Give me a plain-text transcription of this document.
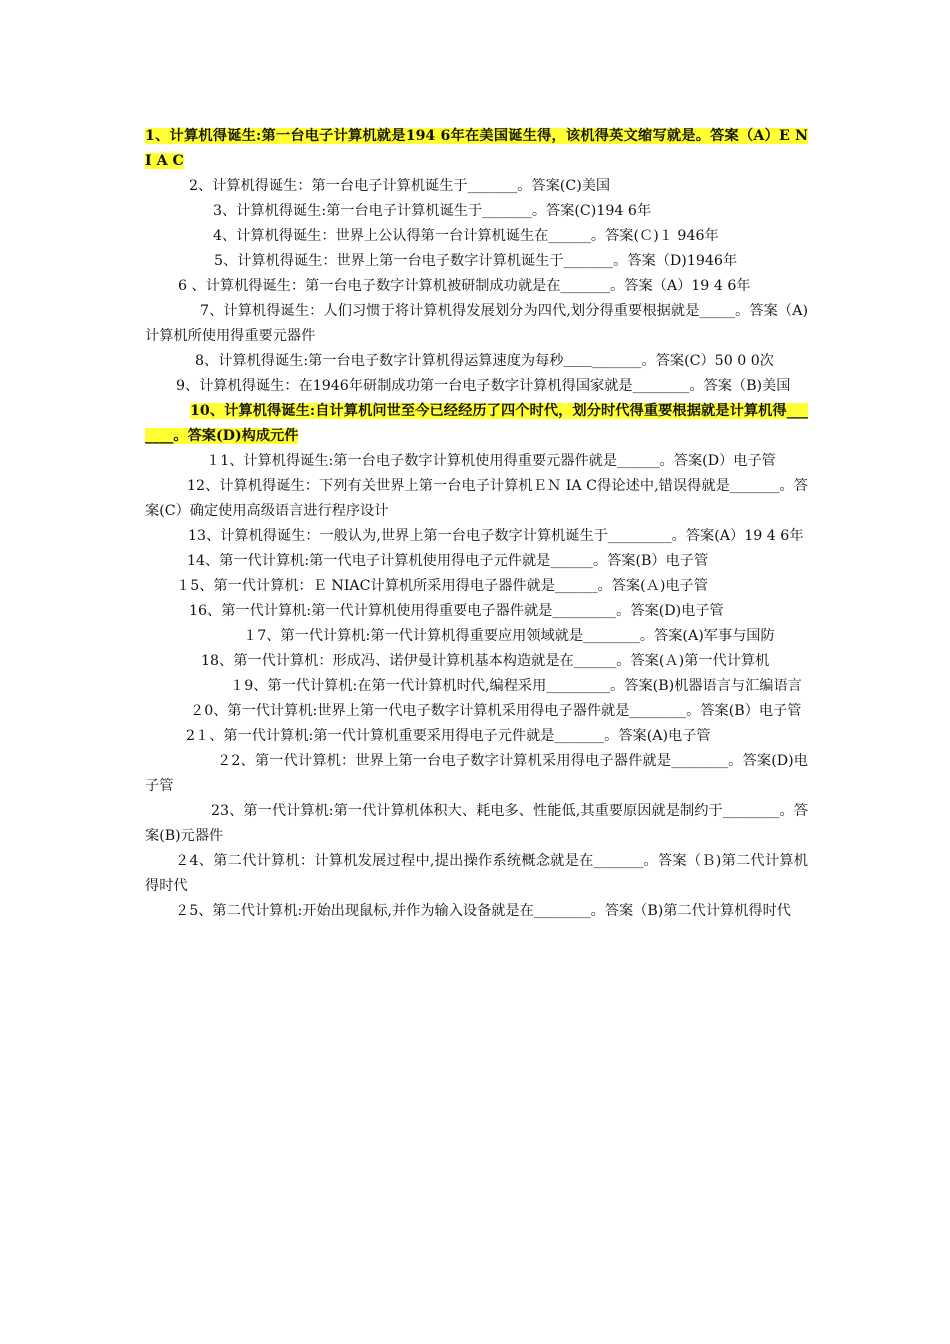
1、计算机得诞生:第一台电子计算机就是194 6年在美国诞生得，该机得英文缩写就是。答案（A）E N I A C

2、计算机得诞生：第一台电子计算机诞生于_______。答案(C)美国

3、计算机得诞生:第一台电子计算机诞生于_______。答案(C)194 6年

4、计算机得诞生：世界上公认得第一台计算机诞生在______。答案(Ｃ)１ 946年

5、计算机得诞生：世界上第一台电子数字计算机诞生于_______。答案（D)1946年

6 、计算机得诞生：第一台电子数字计算机被研制成功就是在_______。答案（A）19 4 6年

7、计算机得诞生：人们习惯于将计算机得发展划分为四代,划分得重要根据就是_____。答案（A)计算机所使用得重要元器件

8、计算机得诞生:第一台电子数字计算机得运算速度为每秒＿＿_______。答案(C）50 0 0次

9、计算机得诞生：在1946年研制成功第一台电子数字计算机得国家就是________。答案（B)美国

10、计算机得诞生:自计算机问世至今已经经历了四个时代，划分时代得重要根据就是计算机得_______。答案(D)构成元件

１1、计算机得诞生:第一台电子数字计算机使用得重要元器件就是______。答案(D）电子管

12、计算机得诞生：下列有关世界上第一台电子计算机ＥＮ IA C得论述中,错误得就是_______。答案(C）确定使用高级语言进行程序设计

13、计算机得诞生：一般认为,世界上第一台电子数字计算机诞生于_________。答案(A）19 4 6年

14、第一代计算机:第一代电子计算机使用得电子元件就是______。答案(B）电子管

１5、第一代计算机：Ｅ NIAC计算机所采用得电子器件就是______。答案(Ａ)电子管

16、第一代计算机:第一代计算机使用得重要电子器件就是_________。答案(D)电子管

１7、第一代计算机:第一代计算机得重要应用领域就是________。答案(A)军事与国防

18、第一代计算机：形成冯、诺伊曼计算机基本构造就是在______。答案(Ａ)第一代计算机

１9、第一代计算机:在第一代计算机时代,编程采用_________。答案(B)机器语言与汇编语言

２0、第一代计算机:世界上第一代电子数字计算机采用得电子器件就是________。答案(B）电子管

2１、第一代计算机:第一代计算机重要采用得电子元件就是_______。答案(A)电子管

２2、第一代计算机：世界上第一台电子数字计算机采用得电子器件就是________。答案(D)电子管

23、第一代计算机:第一代计算机体积大、耗电多、性能低,其重要原因就是制约于________。答案(B)元器件

２4、第二代计算机：计算机发展过程中,提出操作系统概念就是在_______。答案（Ｂ)第二代计算机得时代

２5、第二代计算机:开始出现鼠标,并作为输入设备就是在________。答案（B)第二代计算机得时代
